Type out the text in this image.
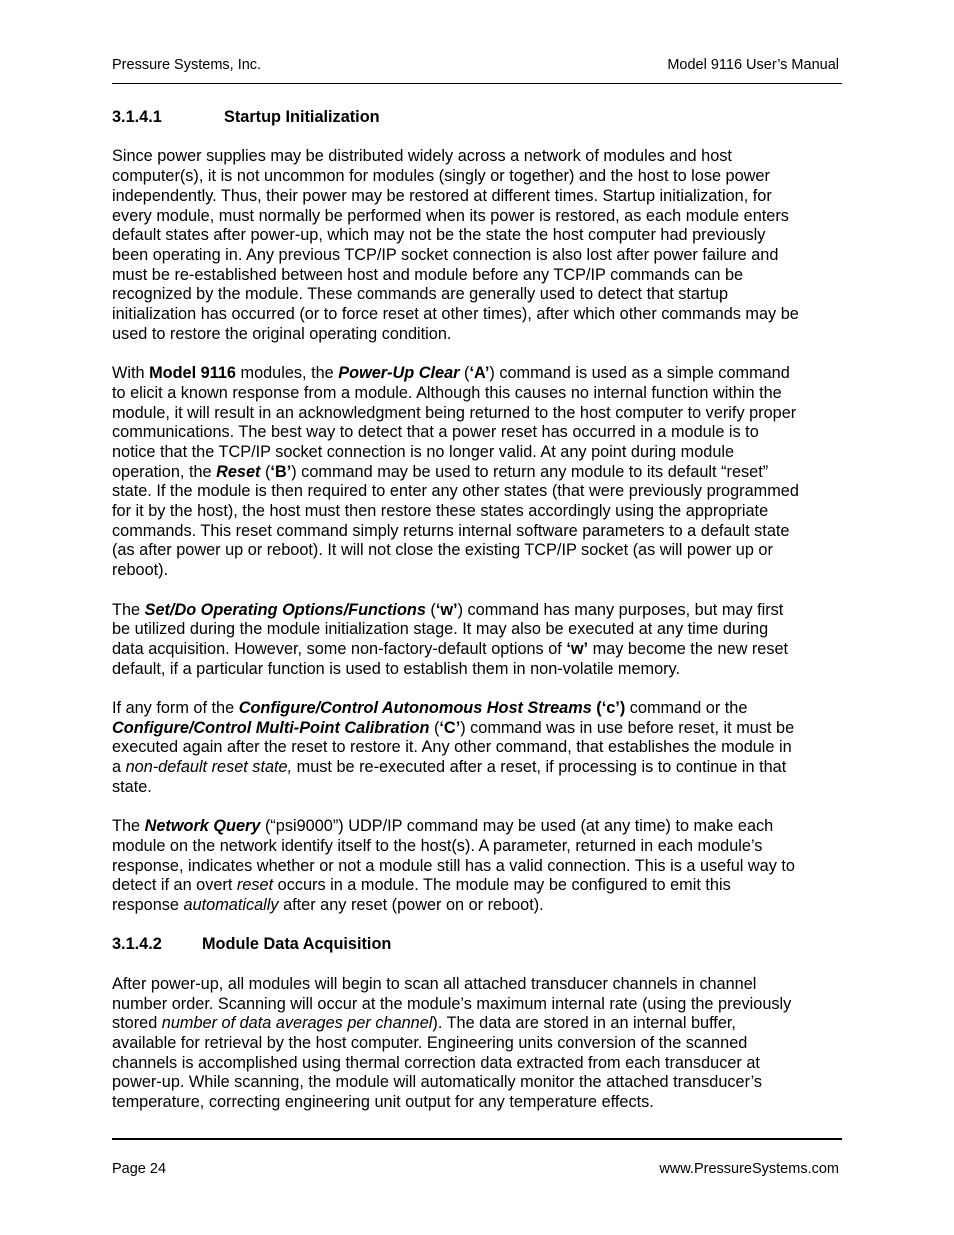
Pressure Systems, Inc.	Model 9116 User’s Manual
3.1.4.1	Startup Initialization

Since power supplies may be distributed widely across a network of modules and host
computer(s), it is not uncommon for modules (singly or together) and the host to lose power
independently. Thus, their power may be restored at different times. Startup initialization, for
every module, must normally be performed when its power is restored, as each module enters
default states after power-up, which may not be the state the host computer had previously
been operating in. Any previous TCP/IP socket connection is also lost after power failure and
must be re-established between host and module before any TCP/IP commands can be
recognized by the module. These commands are generally used to detect that startup
initialization has occurred (or to force reset at other times), after which other commands may be
used to restore the original operating condition.

With Model 9116 modules, the Power-Up Clear (‘A’) command is used as a simple command
to elicit a known response from a module. Although this causes no internal function within the
module, it will result in an acknowledgment being returned to the host computer to verify proper
communications. The best way to detect that a power reset has occurred in a module is to
notice that the TCP/IP socket connection is no longer valid. At any point during module
operation, the Reset (‘B’) command may be used to return any module to its default “reset”
state. If the module is then required to enter any other states (that were previously programmed
for it by the host), the host must then restore these states accordingly using the appropriate
commands. This reset command simply returns internal software parameters to a default state
(as after power up or reboot). It will not close the existing TCP/IP socket (as will power up or
reboot).

The Set/Do Operating Options/Functions (‘w’) command has many purposes, but may first
be utilized during the module initialization stage. It may also be executed at any time during
data acquisition. However, some non-factory-default options of ‘w’ may become the new reset
default, if a particular function is used to establish them in non-volatile memory.

If any form of the Configure/Control Autonomous Host Streams (‘c’) command or the
Configure/Control Multi-Point Calibration (‘C’) command was in use before reset, it must be
executed again after the reset to restore it. Any other command, that establishes the module in
a non-default reset state, must be re-executed after a reset, if processing is to continue in that
state.

The Network Query (“psi9000”) UDP/IP command may be used (at any time) to make each
module on the network identify itself to the host(s). A parameter, returned in each module’s
response, indicates whether or not a module still has a valid connection. This is a useful way to
detect if an overt reset occurs in a module. The module may be configured to emit this
response automatically after any reset (power on or reboot).

3.1.4.2 Module Data Acquisition

After power-up, all modules will begin to scan all attached transducer channels in channel
number order. Scanning will occur at the module’s maximum internal rate (using the previously
stored number of data averages per channel). The data are stored in an internal buffer,
available for retrieval by the host computer. Engineering units conversion of the scanned
channels is accomplished using thermal correction data extracted from each transducer at
power-up. While scanning, the module will automatically monitor the attached transducer’s
temperature, correcting engineering unit output for any temperature effects.

Page 24	www.PressureSystems.com
